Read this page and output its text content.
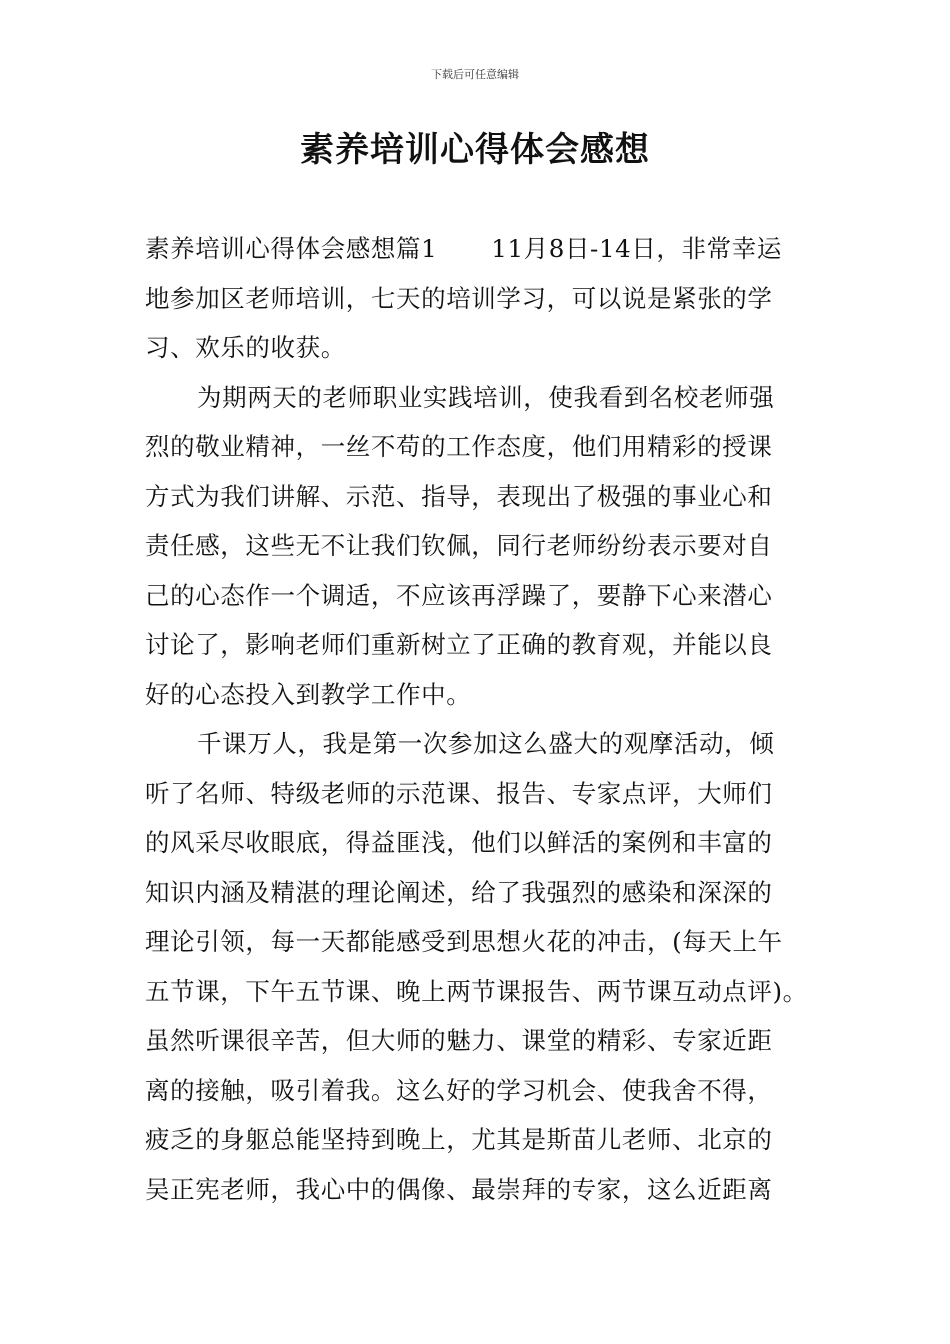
下载后可任意编辑
素养培训心得体会感想
素养培训心得体会感想篇1 11月8日-14日，非常幸运
地参加区老师培训，七天的培训学习，可以说是紧张的学
习、欢乐的收获。
为期两天的老师职业实践培训，使我看到名校老师强
烈的敬业精神，一丝不苟的工作态度，他们用精彩的授课
方式为我们讲解、示范、指导，表现出了极强的事业心和
责任感，这些无不让我们钦佩，同行老师纷纷表示要对自
己的心态作一个调适，不应该再浮躁了，要静下心来潜心
讨论了，影响老师们重新树立了正确的教育观，并能以良
好的心态投入到教学工作中。
千课万人，我是第一次参加这么盛大的观摩活动，倾
听了名师、特级老师的示范课、报告、专家点评，大师们
的风采尽收眼底，得益匪浅，他们以鲜活的案例和丰富的
知识内涵及精湛的理论阐述，给了我强烈的感染和深深的
理论引领，每一天都能感受到思想火花的冲击，(每天上午
五节课，下午五节课、晚上两节课报告、两节课互动点评)。
虽然听课很辛苦，但大师的魅力、课堂的精彩、专家近距
离的接触，吸引着我。这么好的学习机会、使我舍不得，
疲乏的身躯总能坚持到晚上，尤其是斯苗儿老师、北京的
吴正宪老师，我心中的偶像、最崇拜的专家，这么近距离
